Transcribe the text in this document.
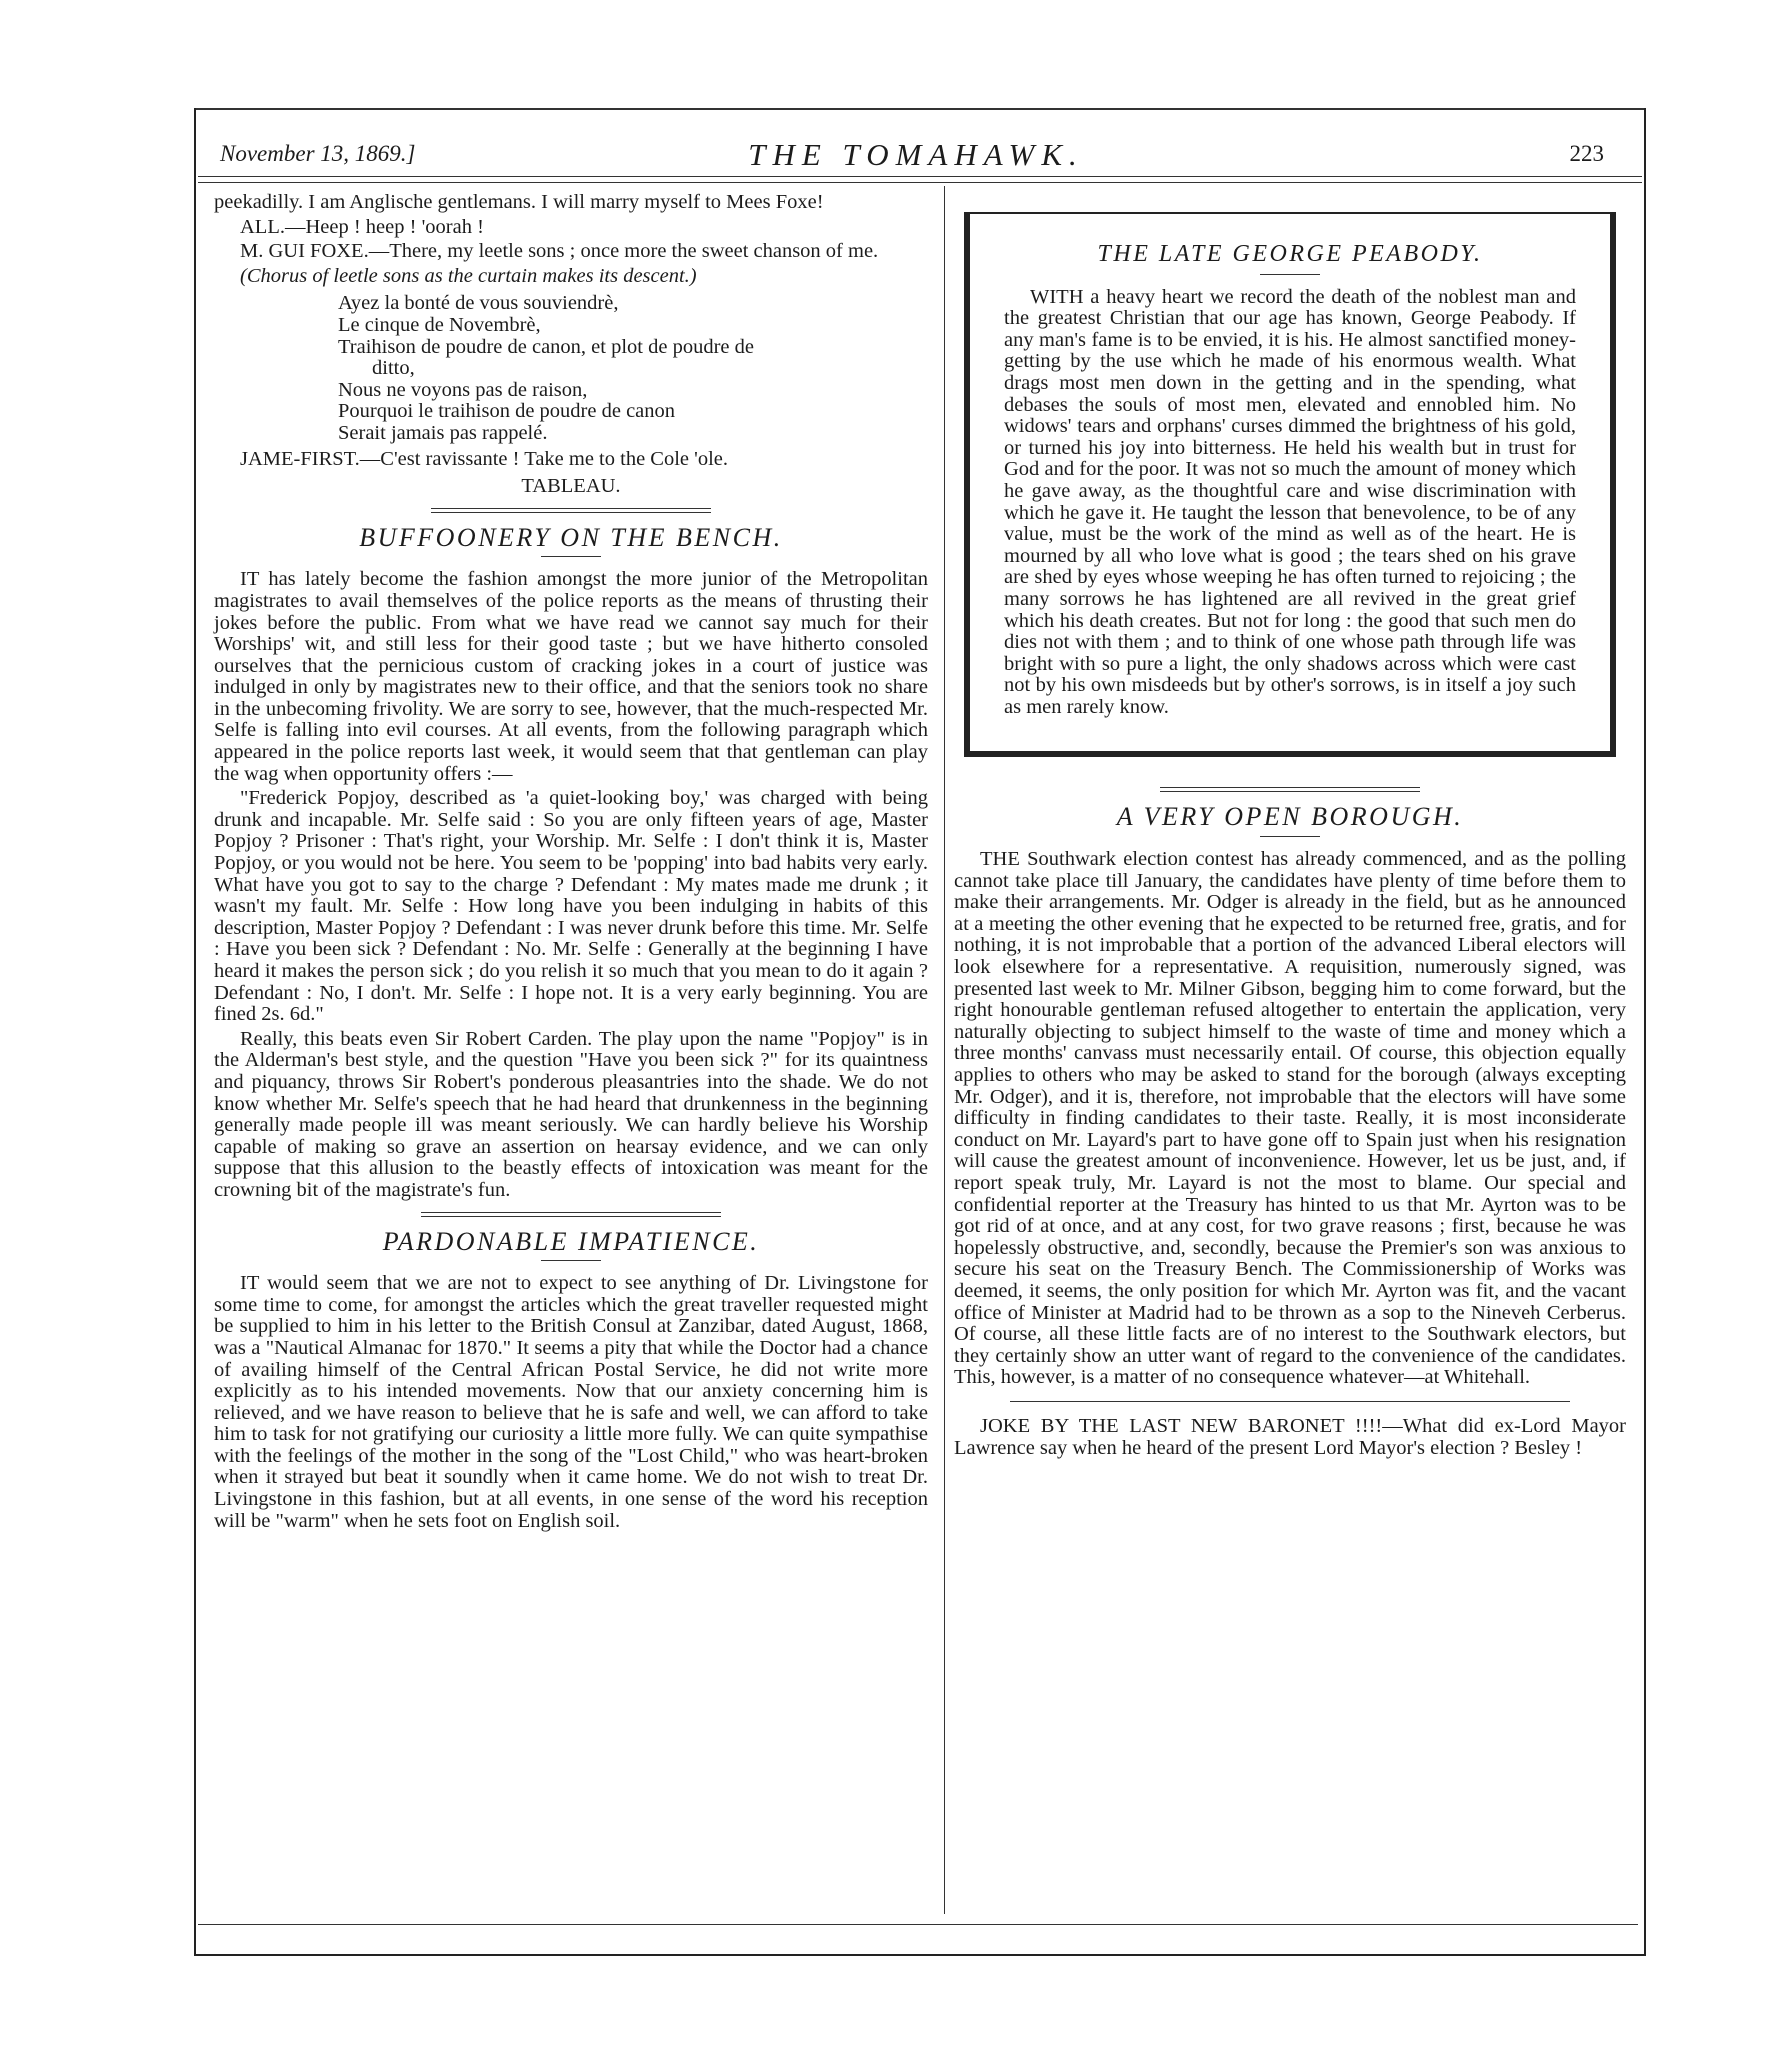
November 13, 1869.]	THE TOMAHAWK.	223

peekadilly. I am Anglische gentlemans. I will marry myself to Mees Foxe!

ALL.—Heep ! heep ! 'oorah !

M. GUI FOXE.—There, my leetle sons ; once more the sweet chanson of me.

(Chorus of leetle sons as the curtain makes its descent.)

Ayez la bonté de vous souviendrè,
Le cinque de Novembrè,
Traihison de poudre de canon, et plot de poudre de
ditto,
Nous ne voyons pas de raison,
Pourquoi le traihison de poudre de canon
Serait jamais pas rappelé.

JAME-FIRST.—C'est ravissante ! Take me to the Cole 'ole.

TABLEAU.
BUFFOONERY ON THE BENCH.

IT has lately become the fashion amongst the more junior of the Metropolitan magistrates to avail themselves of the police reports as the means of thrusting their jokes before the public. From what we have read we cannot say much for their Worships' wit, and still less for their good taste ; but we have hitherto consoled ourselves that the pernicious custom of cracking jokes in a court of justice was indulged in only by magistrates new to their office, and that the seniors took no share in the unbecoming frivolity. We are sorry to see, however, that the much-respected Mr. Selfe is falling into evil courses. At all events, from the following paragraph which appeared in the police reports last week, it would seem that that gentleman can play the wag when opportunity offers :—

"Frederick Popjoy, described as 'a quiet-looking boy,' was charged with being drunk and incapable. Mr. Selfe said : So you are only fifteen years of age, Master Popjoy ? Prisoner : That's right, your Worship. Mr. Selfe : I don't think it is, Master Popjoy, or you would not be here. You seem to be 'popping' into bad habits very early. What have you got to say to the charge ? Defendant : My mates made me drunk ; it wasn't my fault. Mr. Selfe : How long have you been indulging in habits of this description, Master Popjoy ? Defendant : I was never drunk before this time. Mr. Selfe : Have you been sick ? Defendant : No. Mr. Selfe : Generally at the beginning I have heard it makes the person sick ; do you relish it so much that you mean to do it again ? Defendant : No, I don't. Mr. Selfe : I hope not. It is a very early beginning. You are fined 2s. 6d."

Really, this beats even Sir Robert Carden. The play upon the name "Popjoy" is in the Alderman's best style, and the question "Have you been sick ?" for its quaintness and piquancy, throws Sir Robert's ponderous pleasantries into the shade. We do not know whether Mr. Selfe's speech that he had heard that drunkenness in the beginning generally made people ill was meant seriously. We can hardly believe his Worship capable of making so grave an assertion on hearsay evidence, and we can only suppose that this allusion to the beastly effects of intoxication was meant for the crowning bit of the magistrate's fun.

PARDONABLE IMPATIENCE.

IT would seem that we are not to expect to see anything of Dr. Livingstone for some time to come, for amongst the articles which the great traveller requested might be supplied to him in his letter to the British Consul at Zanzibar, dated August, 1868, was a "Nautical Almanac for 1870." It seems a pity that while the Doctor had a chance of availing himself of the Central African Postal Service, he did not write more explicitly as to his intended movements. Now that our anxiety concerning him is relieved, and we have reason to believe that he is safe and well, we can afford to take him to task for not gratifying our curiosity a little more fully. We can quite sympathise with the feelings of the mother in the song of the "Lost Child," who was heart-broken when it strayed but beat it soundly when it came home. We do not wish to treat Dr. Livingstone in this fashion, but at all events, in one sense of the word his reception will be "warm" when he sets foot on English soil.

THE LATE GEORGE PEABODY.

WITH a heavy heart we record the death of the noblest man and the greatest Christian that our age has known, George Peabody. If any man's fame is to be envied, it is his. He almost sanctified money-getting by the use which he made of his enormous wealth. What drags most men down in the getting and in the spending, what debases the souls of most men, elevated and ennobled him. No widows' tears and orphans' curses dimmed the brightness of his gold, or turned his joy into bitterness. He held his wealth but in trust for God and for the poor. It was not so much the amount of money which he gave away, as the thoughtful care and wise discrimination with which he gave it. He taught the lesson that benevolence, to be of any value, must be the work of the mind as well as of the heart. He is mourned by all who love what is good ; the tears shed on his grave are shed by eyes whose weeping he has often turned to rejoicing ; the many sorrows he has lightened are all revived in the great grief which his death creates. But not for long : the good that such men do dies not with them ; and to think of one whose path through life was bright with so pure a light, the only shadows across which were cast not by his own misdeeds but by other's sorrows, is in itself a joy such as men rarely know.

A VERY OPEN BOROUGH.

THE Southwark election contest has already commenced, and as the polling cannot take place till January, the candidates have plenty of time before them to make their arrangements. Mr. Odger is already in the field, but as he announced at a meeting the other evening that he expected to be returned free, gratis, and for nothing, it is not improbable that a portion of the advanced Liberal electors will look elsewhere for a representative. A requisition, numerously signed, was presented last week to Mr. Milner Gibson, begging him to come forward, but the right honourable gentleman refused altogether to entertain the application, very naturally objecting to subject himself to the waste of time and money which a three months' canvass must necessarily entail. Of course, this objection equally applies to others who may be asked to stand for the borough (always excepting Mr. Odger), and it is, therefore, not improbable that the electors will have some difficulty in finding candidates to their taste. Really, it is most inconsiderate conduct on Mr. Layard's part to have gone off to Spain just when his resignation will cause the greatest amount of inconvenience. However, let us be just, and, if report speak truly, Mr. Layard is not the most to blame. Our special and confidential reporter at the Treasury has hinted to us that Mr. Ayrton was to be got rid of at once, and at any cost, for two grave reasons ; first, because he was hopelessly obstructive, and, secondly, because the Premier's son was anxious to secure his seat on the Treasury Bench. The Commissionership of Works was deemed, it seems, the only position for which Mr. Ayrton was fit, and the vacant office of Minister at Madrid had to be thrown as a sop to the Nineveh Cerberus. Of course, all these little facts are of no interest to the Southwark electors, but they certainly show an utter want of regard to the convenience of the candidates. This, however, is a matter of no consequence whatever—at Whitehall.

JOKE BY THE LAST NEW BARONET !!!!—What did ex-Lord Mayor Lawrence say when he heard of the present Lord Mayor's election ? Besley !
